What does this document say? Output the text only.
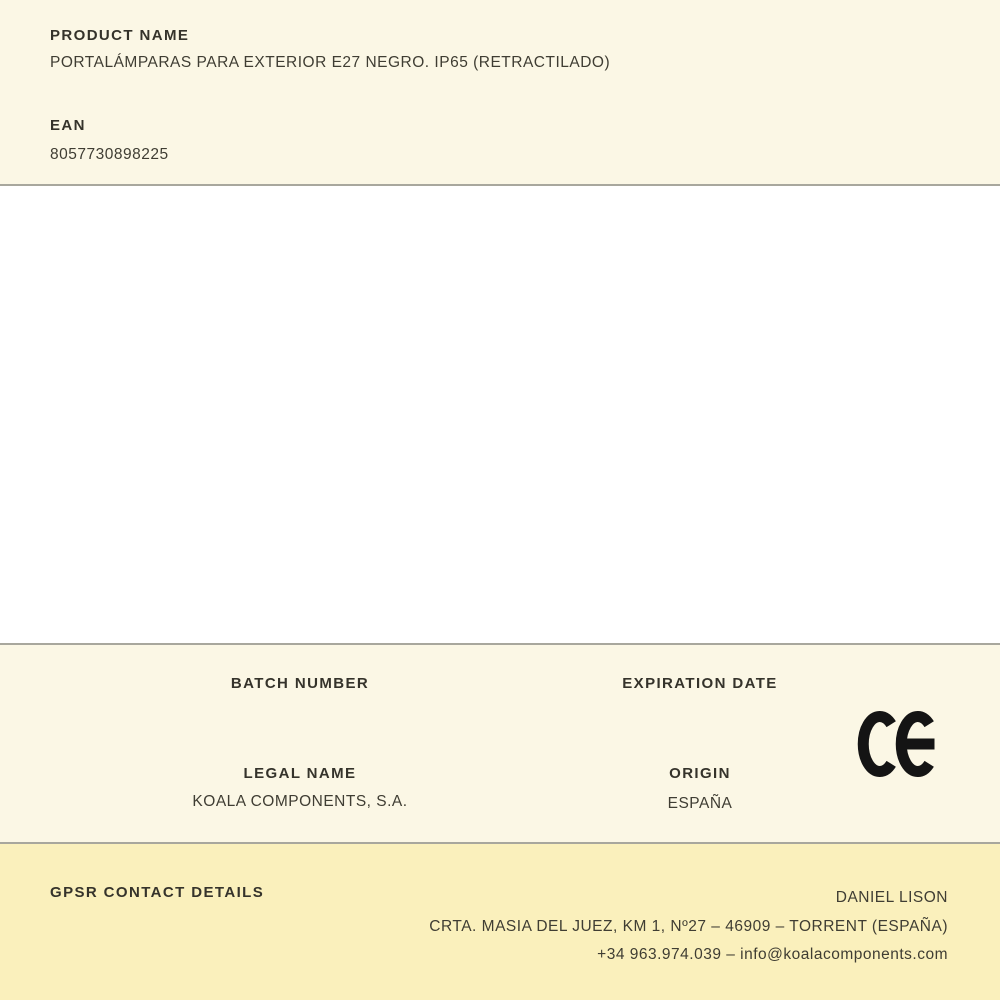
PRODUCT NAME
PORTALÁMPARAS PARA EXTERIOR E27 NEGRO. IP65 (RETRACTILADO)
EAN
8057730898225
BATCH NUMBER	EXPIRATION DATE
LEGAL NAME
KOALA COMPONENTS, S.A.
ORIGIN
ESPAÑA
GPSR CONTACT DETAILS	DANIEL LISON
CRTA. MASIA DEL JUEZ, KM 1, Nº27 – 46909 – TORRENT (ESPAÑA)
+34 963.974.039 – info@koalacomponents.com
